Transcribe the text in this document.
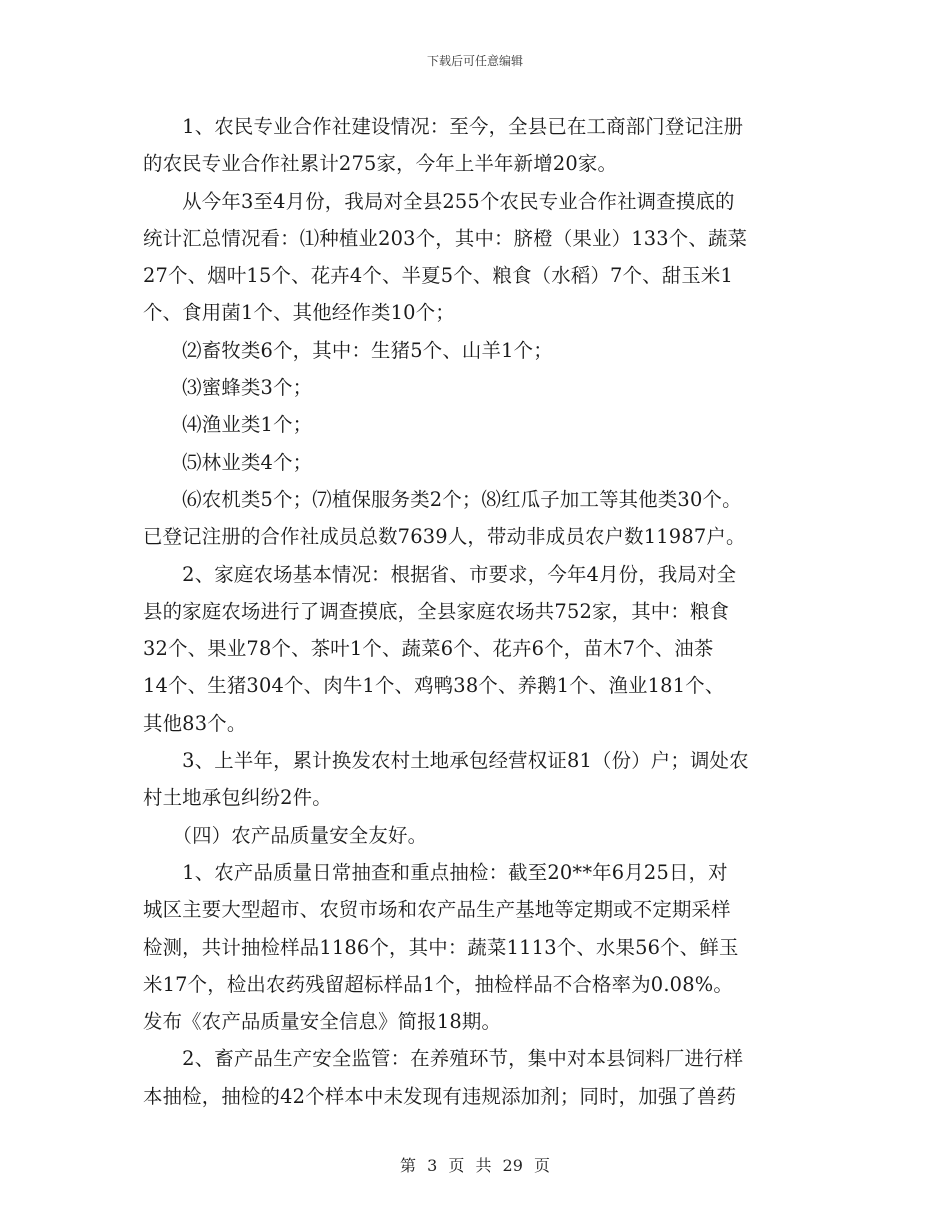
下载后可任意编辑
　　1、农民专业合作社建设情况：至今，全县已在工商部门登记注册
的农民专业合作社累计275家，今年上半年新增20家。
　　从今年3至4月份，我局对全县255个农民专业合作社调查摸底的
统计汇总情况看：⑴种植业203个，其中：脐橙（果业）133个、蔬菜
27个、烟叶15个、花卉4个、半夏5个、粮食（水稻）7个、甜玉米1
个、食用菌1个、其他经作类10个；
　　⑵畜牧类6个，其中：生猪5个、山羊1个；
　　⑶蜜蜂类3个；
　　⑷渔业类1个；
　　⑸林业类4个；
　　⑹农机类5个；⑺植保服务类2个；⑻红瓜子加工等其他类30个。
已登记注册的合作社成员总数7639人，带动非成员农户数11987户。
　　2、家庭农场基本情况：根据省、市要求，今年4月份，我局对全
县的家庭农场进行了调查摸底，全县家庭农场共752家，其中：粮食
32个、果业78个、茶叶1个、蔬菜6个、花卉6个，苗木7个、油茶
14个、生猪304个、肉牛1个、鸡鸭38个、养鹅1个、渔业181个、
其他83个。
　　3、上半年，累计换发农村土地承包经营权证81（份）户；调处农
村土地承包纠纷2件。
　　（四）农产品质量安全友好。
　　1、农产品质量日常抽查和重点抽检：截至20**年6月25日，对
城区主要大型超市、农贸市场和农产品生产基地等定期或不定期采样
检测，共计抽检样品1186个，其中：蔬菜1113个、水果56个、鲜玉
米17个，检出农药残留超标样品1个，抽检样品不合格率为0.08%。
发布《农产品质量安全信息》简报18期。
　　2、畜产品生产安全监管：在养殖环节，集中对本县饲料厂进行样
本抽检，抽检的42个样本中未发现有违规添加剂；同时，加强了兽药
第 3 页 共 29 页
